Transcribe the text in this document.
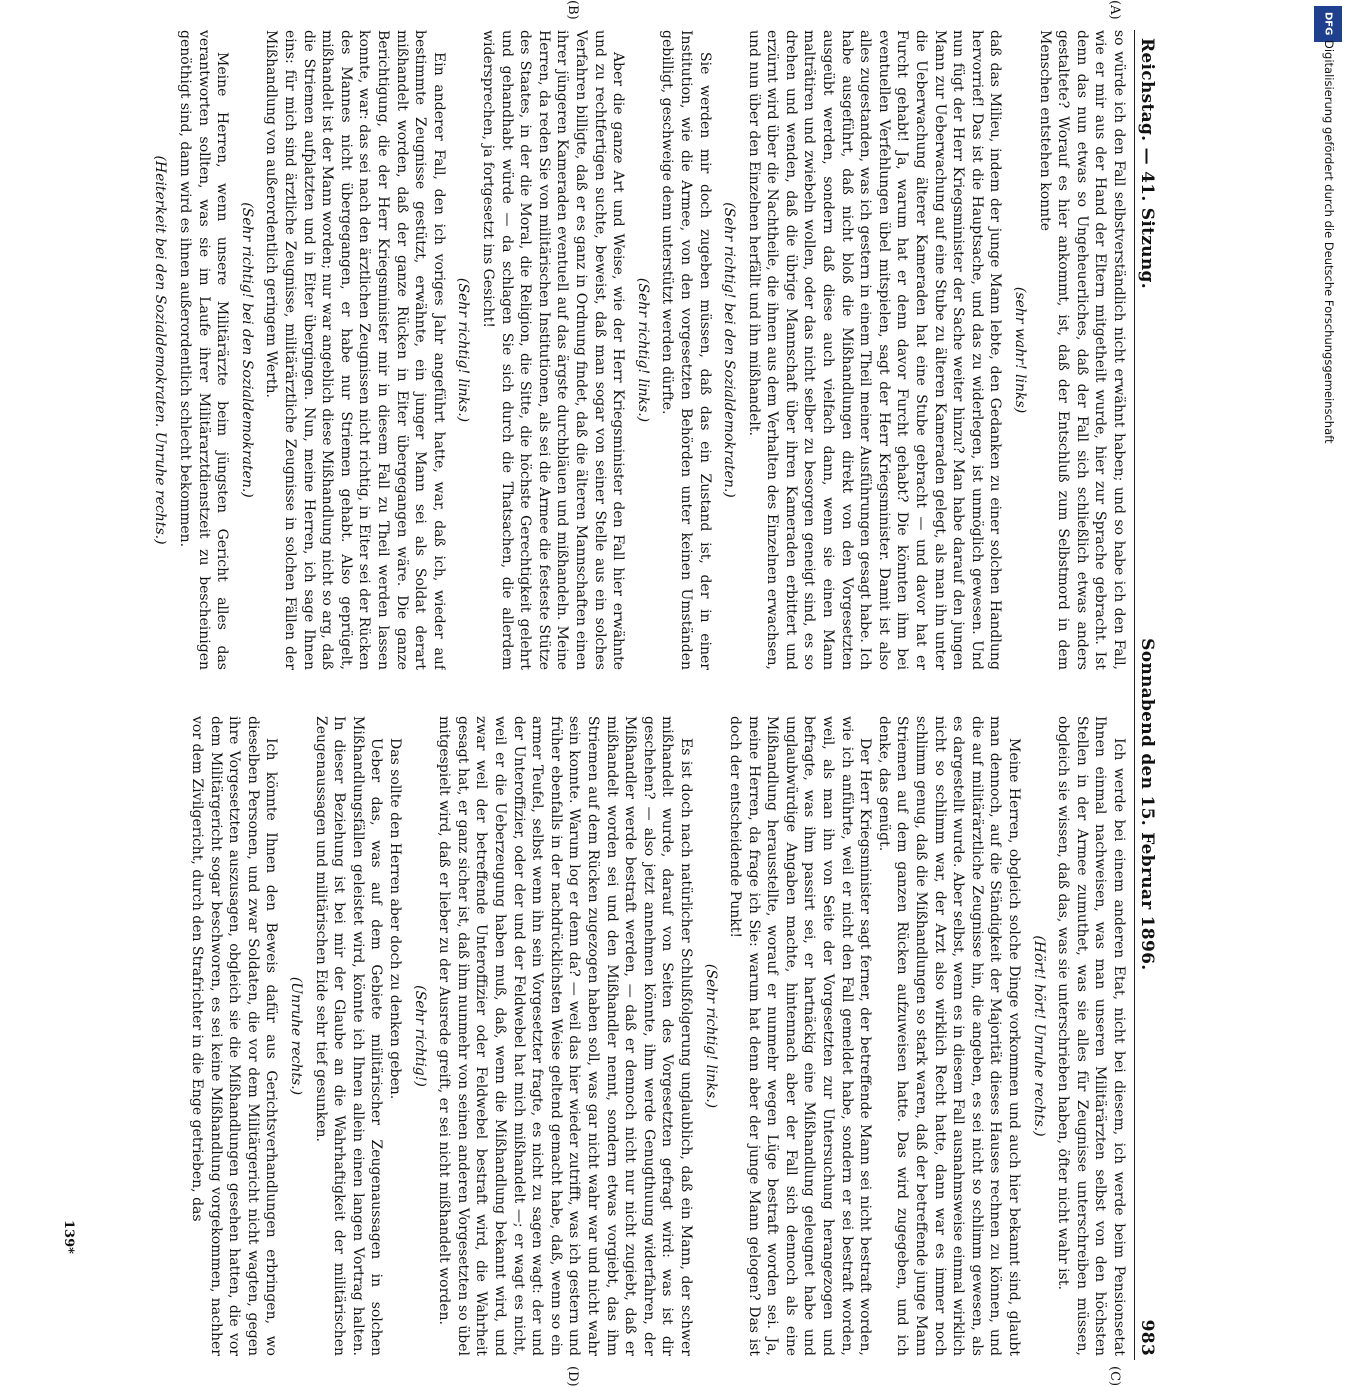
Reichstag. — 41. Sitzung.
Sonnabend den 15. Februar 1896.
983
(A)
(B)
(C)
(D)

so würde ich den Fall selbstverständlich nicht erwähnt haben; und so habe ich den Fall, wie er mir aus der Hand der Eltern mitgetheilt wurde, hier zur Sprache gebracht. Ist denn das nun etwas so Ungeheuerliches, daß der Fall sich schließlich etwas anders gestaltete? Worauf es hier ankommt, ist, daß der Entschluß zum Selbstmord in dem Menschen entstehen konnte

(sehr wahr! links)

daß das Milieu, indem der junge Mann lebte, den Gedanken zu einer solchen Handlung hervorrief! Das ist die Hauptsache, und das zu widerlegen, ist unmöglich gewesen. Und nun fügt der Herr Kriegsminister der Sache weiter hinzu? Man habe darauf den jungen Mann zur Ueberwachung auf eine Stube zu älteren Kameraden gelegt, als man ihn unter die Ueberwachung älterer Kameraden hat eine Stube gebracht — und davor hat er Furcht gehabt! Ja, warum hat er denn davor Furcht gehabt? Die könnten ihm bei eventuellen Verfehlungen übel mitspielen, sagt der Herr Kriegsminister. Damit ist also alles zugestanden, was ich gestern in einem Theil meiner Ausführungen gesagt habe. Ich habe ausgeführt, daß nicht bloß die Mißhandlungen direkt von den Vorgesetzten ausgeübt werden, sondern daß diese auch vielfach dann, wenn sie einen Mann malträtiren und zwiebeln wollen, oder das nicht selber zu besorgen geneigt sind, es so drehen und wenden, daß die übrige Mannschaft über ihren Kameraden erbittert und erzürnt wird über die Nachtheile, die ihnen aus dem Verhalten des Einzelnen erwachsen, und nun über den Einzelnen herfällt und ihn mißhandelt.

(Sehr richtig! bei den Sozialdemokraten.)

Sie werden mir doch zugeben müssen, daß das ein Zustand ist, der in einer Institution, wie die Armee, von den vorgesetzten Behörden unter keinen Umständen gebilligt, geschweige denn unterstützt werden dürfte.

(Sehr richtig! links.)

Aber die ganze Art und Weise, wie der Herr Kriegsminister den Fall hier erwähnte und zu rechtfertigen suchte, beweist, daß man sogar von seiner Stelle aus ein solches Verfahren billigte, daß er es ganz in Ordnung findet, daß die älteren Mannschaften einen ihrer jüngeren Kameraden eventuell auf das ärgste durchbläuen und mißhandeln. Meine Herren, da reden Sie von militärischen Institutionen, als sei die Armee die festeste Stütze des Staates, in der die Moral, die Religion, die Sitte, die höchste Gerechtigkeit gelehrt und gehandhabt würde — da schlagen Sie sich durch die Thatsachen, die allerdem widersprechen, ja fortgesetzt ins Gesicht!

(Sehr richtig! links.)

Ein anderer Fall, den ich voriges Jahr angeführt hatte, war, daß ich, wieder auf bestimmte Zeugnisse gestützt, erwähnte, ein junger Mann sei als Soldat derart mißhandelt worden, daß der ganze Rücken in Eiter übergegangen wäre. Die ganze Berichtigung, die der Herr Kriegsminister mir in diesem Fall zu Theil werden lassen konnte, war: das sei nach den ärztlichen Zeugnissen nicht richtig, in Eiter sei der Rücken des Mannes nicht übergegangen, er habe nur Striemen gehabt. Also geprügelt, mißhandelt ist der Mann worden; nur war angeblich diese Mißhandlung nicht so arg, daß die Striemen aufplatzten und in Eiter übergingen. Nun, meine Herren, ich sage Ihnen eins: für mich sind ärztliche Zeugnisse, militärärztliche Zeugnisse in solchen Fällen der Mißhandlung von außerordentlich geringem Werth.

(Sehr richtig! bei den Sozialdemokraten.)

Meine Herren, wenn unsere Militärärzte beim jüngsten Gericht alles das verantworten sollten, was sie im Laufe ihrer Militärarztdienstzeit zu bescheinigen genöthigt sind, dann wird es ihnen außerordentlich schlecht bekommen.

(Heiterkeit bei den Sozialdemokraten. Unruhe rechts.)

Ich werde bei einem anderen Etat, nicht bei diesem, ich werde beim Pensionsetat Ihnen einmal nachweisen, was man unseren Militärärzten selbst von den höchsten Stellen in der Armee zumuthet, was sie alles für Zeugnisse unterschreiben müssen, obgleich sie wissen, daß das, was sie unterschrieben haben, öfter nicht wahr ist.

(Hört! hört! Unruhe rechts.)

Meine Herren, obgleich solche Dinge vorkommen und auch hier bekannt sind, glaubt man dennoch, auf die Ständigkeit der Majorität dieses Hauses rechnen zu können, und die auf militärärztliche Zeugnisse hin, die angeben, es sei nicht so schlimm gewesen, als es dargestellt wurde. Aber selbst, wenn es in diesem Fall ausnahmsweise einmal wirklich nicht so schlimm war, der Arzt also wirklich Recht hatte, dann war es immer noch schlimm genug, daß die Mißhandlungen so stark waren, daß der betreffende junge Mann Striemen auf dem ganzen Rücken aufzuweisen hatte. Das wird zugegeben, und ich denke, das genügt.

Der Herr Kriegsminister sagt ferner, der betreffende Mann sei nicht bestraft worden, wie ich anführte, weil er nicht den Fall gemeldet habe, sondern er sei bestraft worden, weil, als man ihn von Seite der Vorgesetzten zur Untersuchung herangezogen und befragte, was ihm passirt sei, er hartnäckig eine Mißhandlung geleugnet habe und unglaubwürdige Angaben machte, hintennach aber der Fall sich dennoch als eine Mißhandlung herausstellte, worauf er nunmehr wegen Lüge bestraft worden sei. Ja, meine Herren, da frage ich Sie: warum hat denn aber der junge Mann gelogen? Das ist doch der entscheidende Punkt!

(Sehr richtig! links.)

Es ist doch nach natürlicher Schlußfolgerung unglaublich, daß ein Mann, der schwer mißhandelt wurde, darauf von Seiten des Vorgesetzten gefragt wird: was ist dir geschehen? — also jetzt annehmen könnte, ihm werde Genugthuung widerfahren, der Mißhandler werde bestraft werden, — daß er dennoch nicht nur nicht zugiebt, daß er mißhandelt worden sei und den Mißhandler nennt, sondern etwas vorgiebt, das ihm Striemen auf dem Rücken zugezogen haben soll, was gar nicht wahr war und nicht wahr sein konnte. Warum log er denn da? — weil das hier wieder zutrifft, was ich gestern und früher ebenfalls in der nachdrücklichsten Weise geltend gemacht habe, daß, wenn so ein armer Teufel, selbst wenn ihn sein Vorgesetzter fragte, es nicht zu sagen wagt: der und der Unteroffizier, oder der und der Feldwebel hat mich mißhandelt —; er wagt es nicht, weil er die Ueberzeugung haben muß, daß, wenn die Mißhandlung bekannt wird, und zwar weil der betreffende Unteroffizier oder Feldwebel bestraft wird, die Wahrheit gesagt hat, er ganz sicher ist, daß ihm nunmehr von seinen anderen Vorgesetzten so übel mitgespielt wird, daß er lieber zu der Ausrede greift, er sei nicht mißhandelt worden.

(Sehr richtig!)

Das sollte den Herren aber doch zu denken geben.

Ueber das, was auf dem Gebiete militärischer Zeugenaussagen in solchen Mißhandlungsfällen geleistet wird, könnte ich Ihnen allein einen langen Vortrag halten. In dieser Beziehung ist bei mir der Glaube an die Wahrhaftigkeit der militärischen Zeugenaussagen und militärischen Eide sehr tief gesunken.

(Unruhe rechts.)

Ich könnte Ihnen den Beweis dafür aus Gerichtsverhandlungen erbringen, wo dieselben Personen, und zwar Soldaten, die vor dem Militärgericht nicht wagten, gegen ihre Vorgesetzten auszusagen, obgleich sie die Mißhandlungen gesehen hatten, die vor dem Militärgericht sogar beschworen, es sei keine Mißhandlung vorgekommen, nachher vor dem Zivilgericht, durch den Strafrichter in die Enge getrieben, das

139*
DFG
Digitalisierung gefördert durch die Deutsche Forschungsgemeinschaft
